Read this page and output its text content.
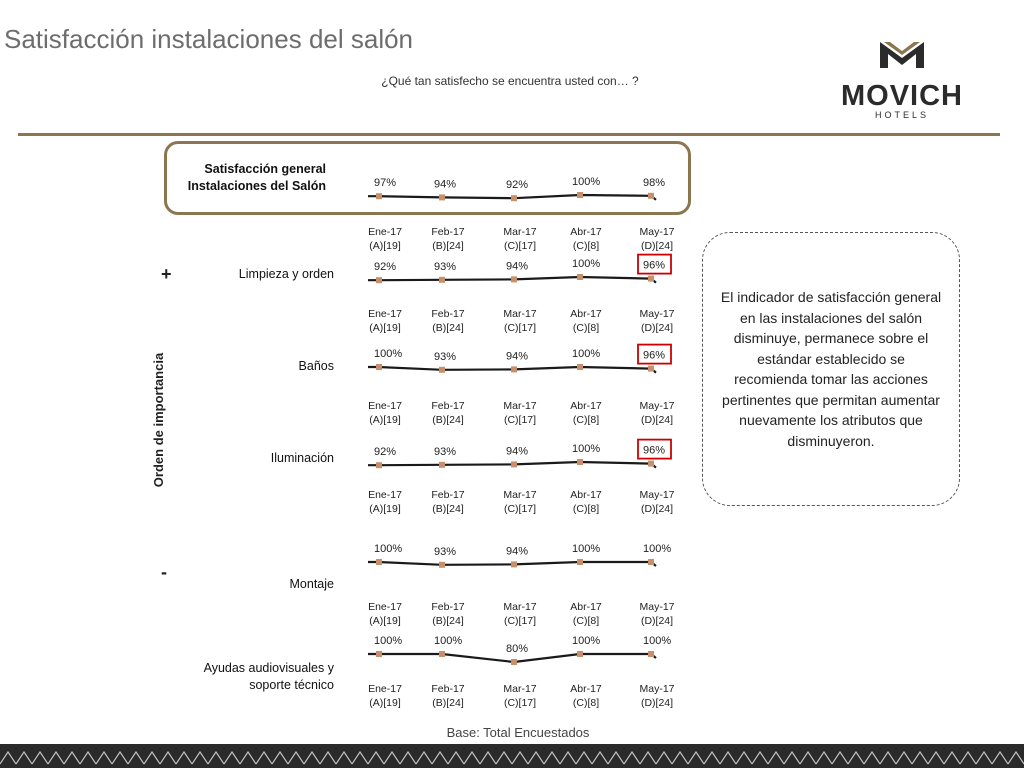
Satisfacción instalaciones del salón
¿Qué tan satisfecho se encuentra usted con… ?	MOVICH
HOTELS
Satisfacción general
Instalaciones del Salón
Limpieza y orden
Baños
Iluminación
Montaje
Ayudas audiovisuales y
soporte técnico
Orden de importancia
+
-
97%
Ene-17
(A)[19]
94%
Feb-17
(B)[24]
92%
Mar-17
(C)[17]
100%
Abr-17
(C)[8]
98%
May-17
(D)[24]
92%
Ene-17
(A)[19]
93%
Feb-17
(B)[24]
94%
Mar-17
(C)[17]
100%
Abr-17
(C)[8]
96%
May-17
(D)[24]
100%
Ene-17
(A)[19]
93%
Feb-17
(B)[24]
94%
Mar-17
(C)[17]
100%
Abr-17
(C)[8]
96%
May-17
(D)[24]
92%
Ene-17
(A)[19]
93%
Feb-17
(B)[24]
94%
Mar-17
(C)[17]
100%
Abr-17
(C)[8]
96%
May-17
(D)[24]
100%
Ene-17
(A)[19]
93%
Feb-17
(B)[24]
94%
Mar-17
(C)[17]
100%
Abr-17
(C)[8]
100%
May-17
(D)[24]
100%
Ene-17
(A)[19]
100%
Feb-17
(B)[24]
80%
Mar-17
(C)[17]
100%
Abr-17
(C)[8]
100%
May-17
(D)[24]
El indicador de satisfacción general en las instalaciones del salón disminuye, permanece sobre el estándar establecido se recomienda tomar las acciones pertinentes que permitan aumentar nuevamente los atributos que disminuyeron.
Base: Total Encuestados
